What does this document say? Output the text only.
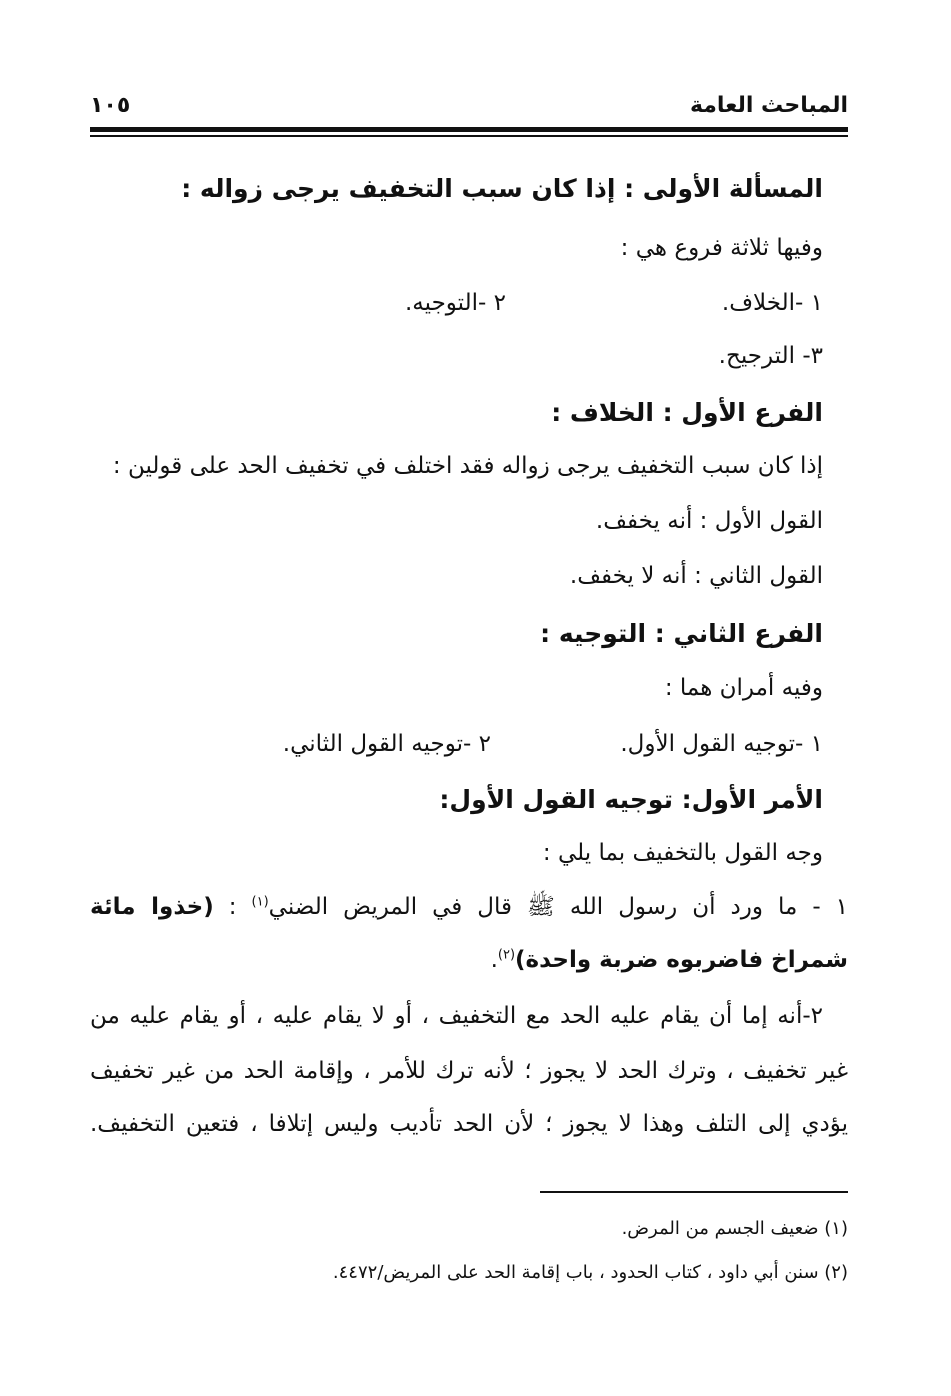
المباحث العامة
١٠٥
المسألة الأولى : إذا كان سبب التخفيف يرجى زواله :
وفيها ثلاثة فروع هي :
١ -الخلاف.
٢ -التوجيه.
٣- الترجيح.
الفرع الأول : الخلاف :
إذا كان سبب التخفيف يرجى زواله فقد اختلف في تخفيف الحد على قولين :
القول الأول : أنه يخفف.
القول الثاني : أنه لا يخفف.
الفرع الثاني : التوجيه :
وفيه أمران هما :
١ -توجيه القول الأول.
٢ -توجيه القول الثاني.
الأمر الأول: توجيه القول الأول:
وجه القول بالتخفيف بما يلي :
١ - ما ورد أن رسول الله ﷺ قال في المريض الضني$^{(١)}$ : (خذوا مائة
شمراخ فاضربوه ضربة واحدة)$^{(٢)}$.
٢-أنه إما أن يقام عليه الحد مع التخفيف ، أو لا يقام عليه ، أو يقام عليه من
غير تخفيف ، وترك الحد لا يجوز ؛ لأنه ترك للأمر ، وإقامة الحد من غير تخفيف
يؤدي إلى التلف وهذا لا يجوز ؛ لأن الحد تأديب وليس إتلافا ، فتعين التخفيف.
(١) ضعيف الجسم من المرض.
(٢) سنن أبي داود ، كتاب الحدود ، باب إقامة الحد على المريض/٤٤٧٢.
